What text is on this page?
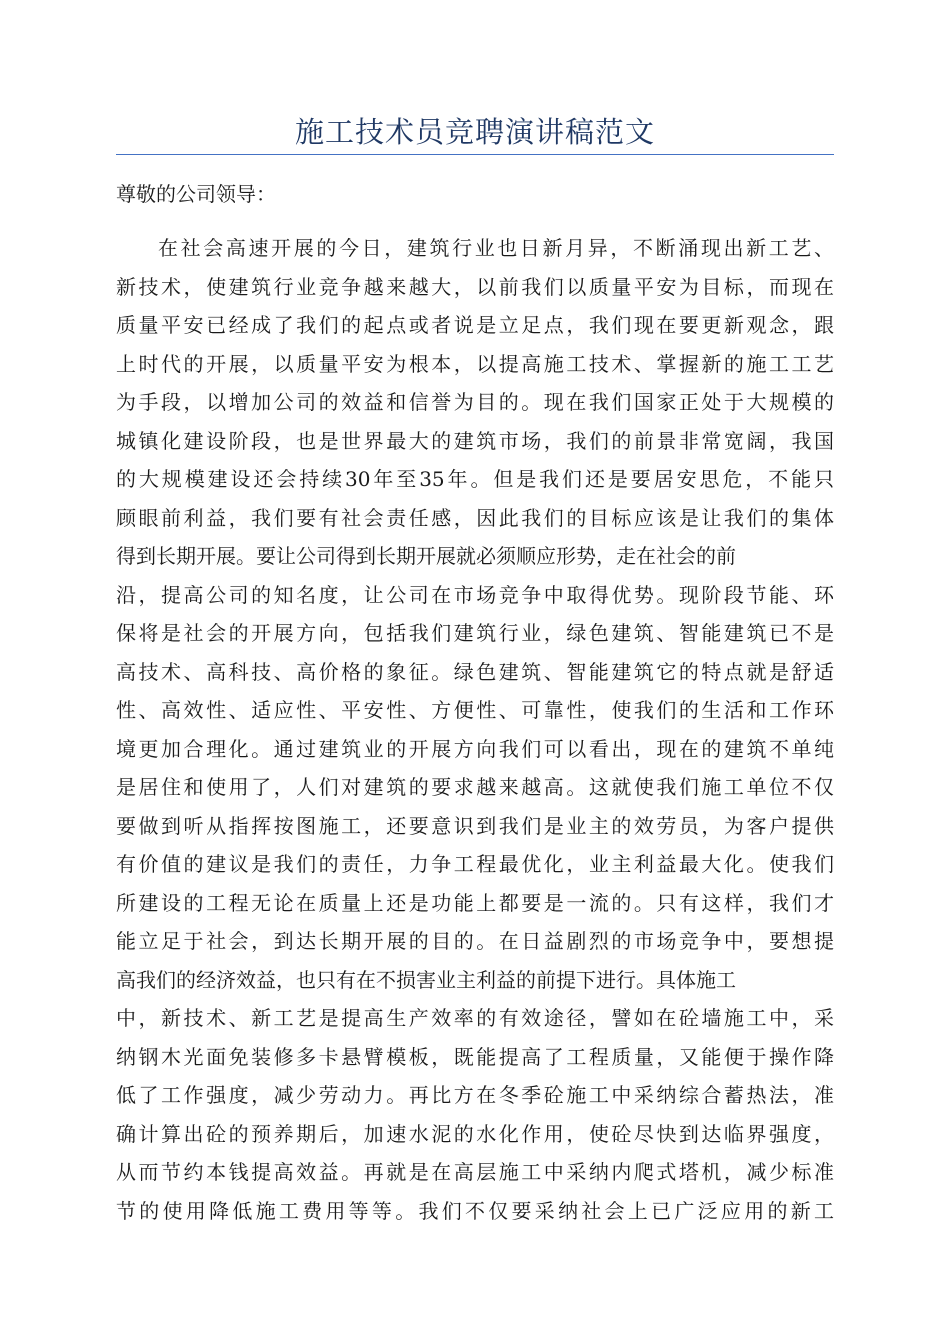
施工技术员竞聘演讲稿范文
尊敬的公司领导：
在社会高速开展的今日，建筑行业也日新月异，不断涌现出新工艺、
新技术，使建筑行业竞争越来越大，以前我们以质量平安为目标，而现在
质量平安已经成了我们的起点或者说是立足点，我们现在要更新观念，跟
上时代的开展，以质量平安为根本，以提高施工技术、掌握新的施工工艺
为手段，以增加公司的效益和信誉为目的。现在我们国家正处于大规模的
城镇化建设阶段，也是世界最大的建筑市场，我们的前景非常宽阔，我国
的大规模建设还会持续30年至35年。但是我们还是要居安思危，不能只
顾眼前利益，我们要有社会责任感，因此我们的目标应该是让我们的集体
得到长期开展。要让公司得到长期开展就必须顺应形势，走在社会的前
沿，提高公司的知名度，让公司在市场竞争中取得优势。现阶段节能、环
保将是社会的开展方向，包括我们建筑行业，绿色建筑、智能建筑已不是
高技术、高科技、高价格的象征。绿色建筑、智能建筑它的特点就是舒适
性、高效性、适应性、平安性、方便性、可靠性，使我们的生活和工作环
境更加合理化。通过建筑业的开展方向我们可以看出，现在的建筑不单纯
是居住和使用了，人们对建筑的要求越来越高。这就使我们施工单位不仅
要做到听从指挥按图施工，还要意识到我们是业主的效劳员，为客户提供
有价值的建议是我们的责任，力争工程最优化，业主利益最大化。使我们
所建设的工程无论在质量上还是功能上都要是一流的。只有这样，我们才
能立足于社会，到达长期开展的目的。在日益剧烈的市场竞争中，要想提
高我们的经济效益，也只有在不损害业主利益的前提下进行。具体施工
中，新技术、新工艺是提高生产效率的有效途径，譬如在砼墙施工中，采
纳钢木光面免装修多卡悬臂模板，既能提高了工程质量，又能便于操作降
低了工作强度，减少劳动力。再比方在冬季砼施工中采纳综合蓄热法，准
确计算出砼的预养期后，加速水泥的水化作用，使砼尽快到达临界强度，
从而节约本钱提高效益。再就是在高层施工中采纳内爬式塔机，减少标准
节的使用降低施工费用等等。我们不仅要采纳社会上已广泛应用的新工
